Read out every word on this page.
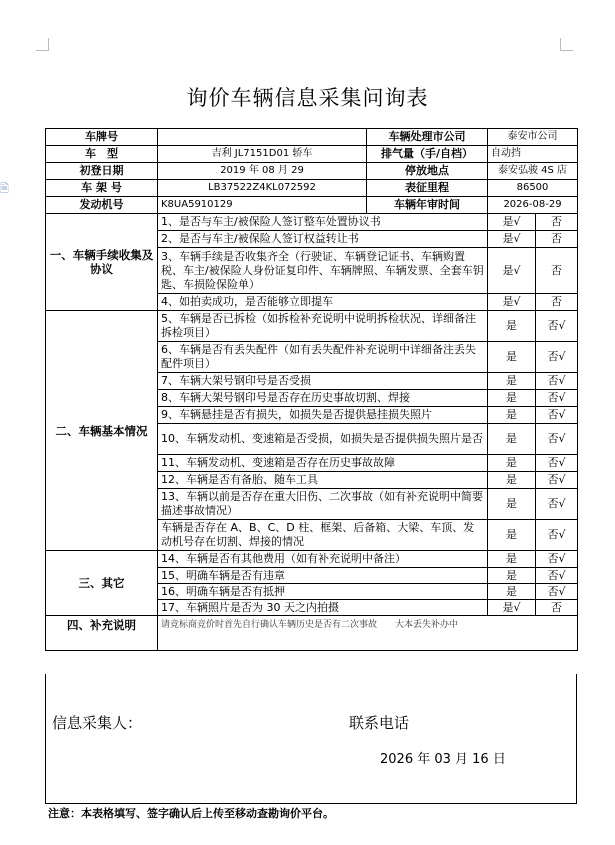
🗎
询价车辆信息采集问询表
车牌号		车辆处理市公司	泰安市公司	
车　型	吉利 JL7151D01 轿车	排气量（手/自档）	自动挡	
初登日期	2019 年 08 月 29	停放地点	泰安弘骏 4S 店	
车 架 号	LB37522Z4KL072592	表征里程	86500	
发动机号	K8UA5910129	车辆年审时间	2026-08-29	
一、车辆手续收集及协议	1、是否与车主/被保险人签订整车处置协议书		是√	否
	2、是否与车主/被保险人签订权益转让书		是√	否
	3、车辆手续是否收集齐全（行驶证、车辆登记证书、车辆购置税、车主/被保险人身份证复印件、车辆牌照、车辆发票、全套车钥匙、车损险保险单）		是√	否
	4、如拍卖成功，是否能够立即提车		是√	否
二、车辆基本情况	5、车辆是否已拆检（如拆检补充说明中说明拆检状况、详细备注拆检项目）		是	否√
	6、车辆是否有丢失配件（如有丢失配件补充说明中详细备注丢失配件项目）		是	否√
	7、车辆大架号钢印号是否受损		是	否√
	8、车辆大架号钢印号是否存在历史事故切割、焊接		是	否√
	9、车辆悬挂是否有损失，如损失是否提供悬挂损失照片		是	否√
	10、车辆发动机、变速箱是否受损，如损失是否提供损失照片是否		是	否√
	11、车辆发动机、变速箱是否存在历史事故故障		是	否√
	12、车辆是否有备胎、随车工具		是	否√
	13、车辆以前是否存在重大旧伤、二次事故（如有补充说明中简要描述事故情况）		是	否√
	车辆是否存在 A、B、C、D 柱、框架、后备箱、大梁、车顶、发动机号存在切割、焊接的情况		是	否√
三、其它	14、车辆是否有其他费用（如有补充说明中备注）		是	否√
	15、明确车辆是否有违章		是	否√
	16、明确车辆是否有抵押		是	否√
	17、车辆照片是否为 30 天之内拍摄		是√	否
四、补充说明	请竞标商竞价时首先自行确认车辆历史是否有二次事故　　大本丢失补办中			
信息采集人：	联系电话
2026 年 03 月 16 日
注意：本表格填写、签字确认后上传至移动查勘询价平台。
